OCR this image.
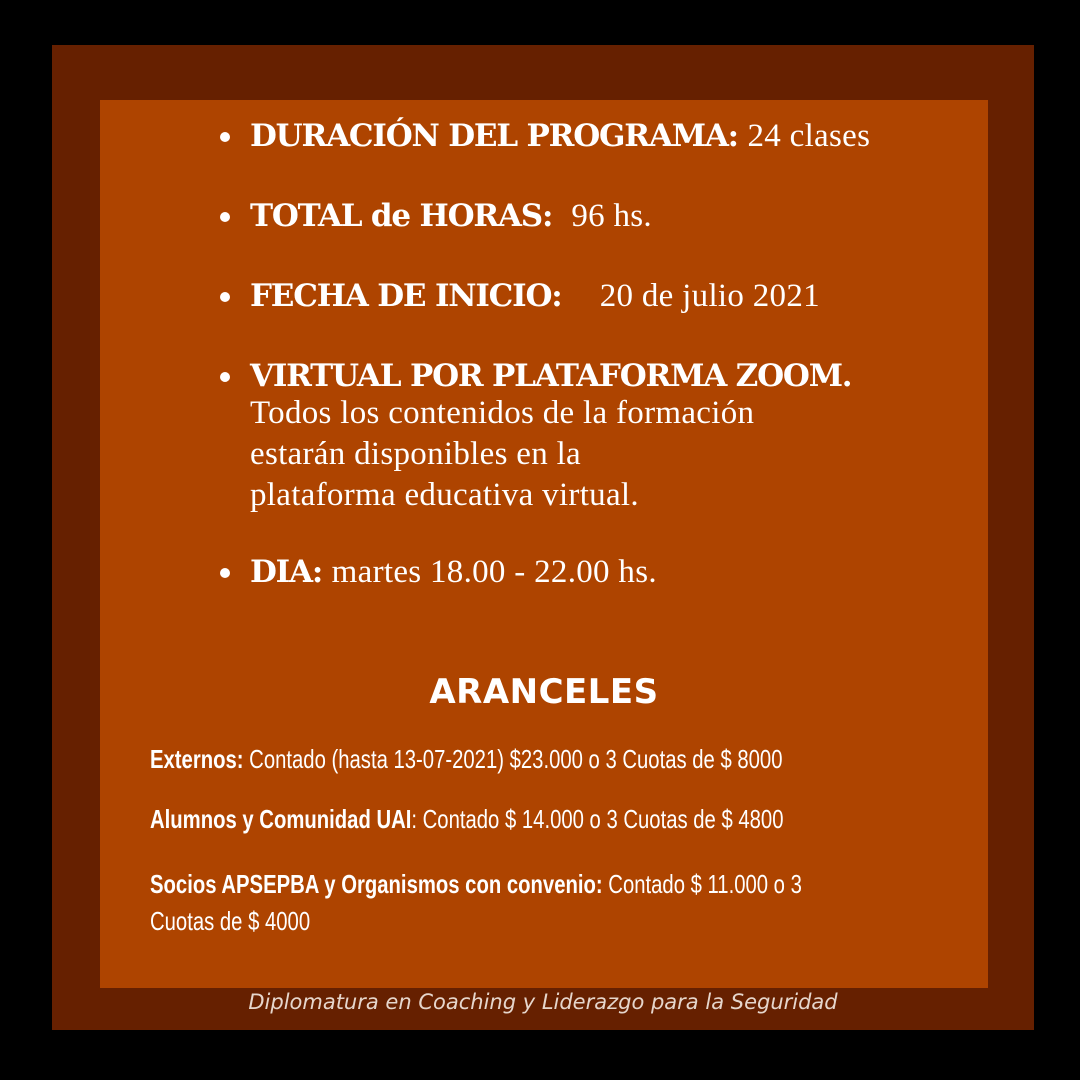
DURACIÓN DEL PROGRAMA: 24 clases
TOTAL de HORAS: 96 hs.
FECHA DE INICIO: 20 de julio 2021
VIRTUAL POR PLATAFORMA ZOOM.
Todos los contenidos de la formación
estarán disponibles en la
plataforma educativa virtual.
DIA: martes 18.00 - 22.00 hs.
ARANCELES
Externos: Contado (hasta 13-07-2021) $23.000 o 3 Cuotas de $ 8000
Alumnos y Comunidad UAI: Contado $ 14.000 o 3 Cuotas de $ 4800
Socios APSEPBA y Organismos con convenio: Contado $ 11.000 o 3
Cuotas de $ 4000
Diplomatura en Coaching y Liderazgo para la Seguridad
